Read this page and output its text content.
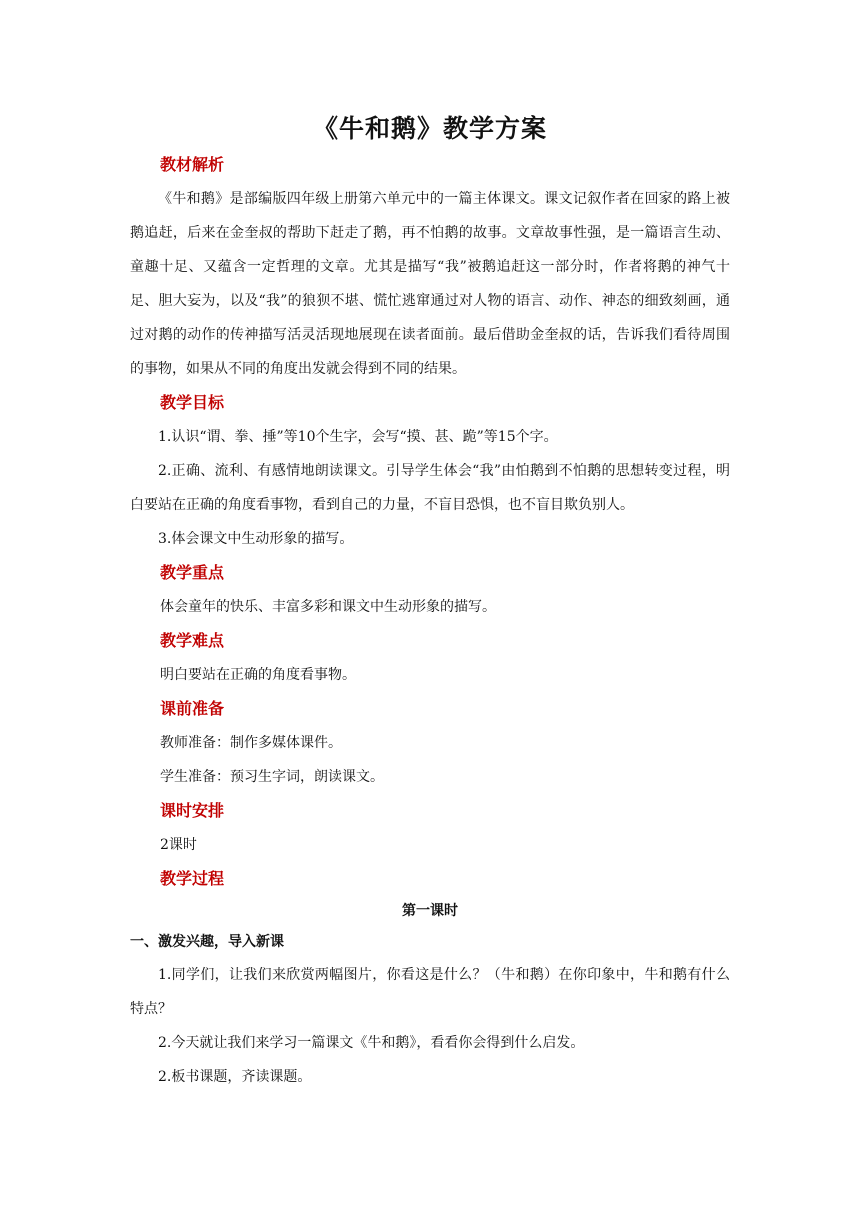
《牛和鹅》教学方案
教材解析

《牛和鹅》是部编版四年级上册第六单元中的一篇主体课文。课文记叙作者在回家的路上被鹅追赶，后来在金奎叔的帮助下赶走了鹅，再不怕鹅的故事。文章故事性强，是一篇语言生动、童趣十足、又蕴含一定哲理的文章。尤其是描写“我”被鹅追赶这一部分时，作者将鹅的神气十足、胆大妄为，以及“我”的狼狈不堪、慌忙逃窜通过对人物的语言、动作、神态的细致刻画，通过对鹅的动作的传神描写活灵活现地展现在读者面前。最后借助金奎叔的话，告诉我们看待周围的事物，如果从不同的角度出发就会得到不同的结果。

教学目标

1.认识“谓、拳、捶”等10个生字，会写“摸、甚、跪”等15个字。

2.正确、流利、有感情地朗读课文。引导学生体会“我”由怕鹅到不怕鹅的思想转变过程，明白要站在正确的角度看事物，看到自己的力量，不盲目恐惧，也不盲目欺负别人。

3.体会课文中生动形象的描写。

教学重点

体会童年的快乐、丰富多彩和课文中生动形象的描写。

教学难点

明白要站在正确的角度看事物。

课前准备

教师准备：制作多媒体课件。

学生准备：预习生字词，朗读课文。

课时安排

2课时

教学过程
第一课时
一、激发兴趣，导入新课

1.同学们，让我们来欣赏两幅图片，你看这是什么？（牛和鹅）在你印象中，牛和鹅有什么特点？

2.今天就让我们来学习一篇课文《牛和鹅》，看看你会得到什么启发。

2.板书课题，齐读课题。
